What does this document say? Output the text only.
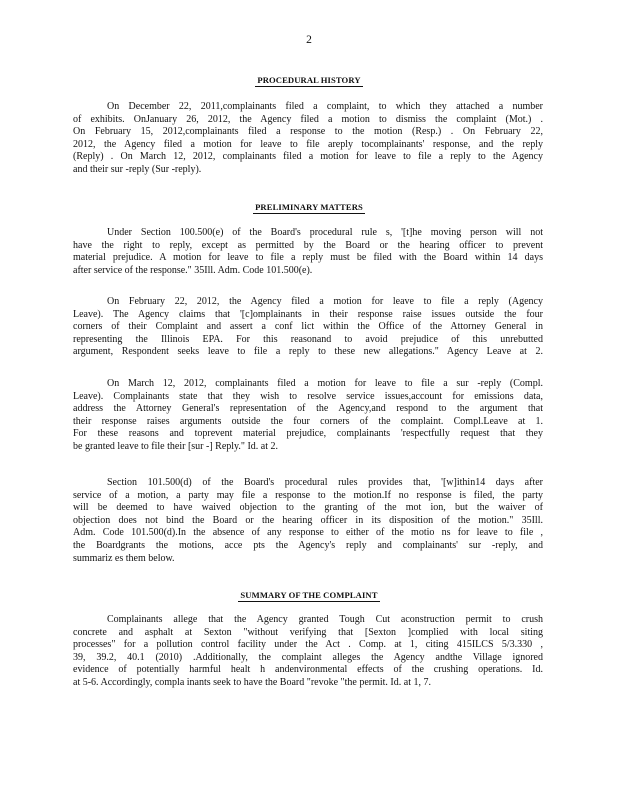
2
PROCEDURAL HISTORY
On December 22, 2011,complainants filed a complaint, to which they attached a number
of exhibits. OnJanuary 26, 2012, the Agency filed a motion to dismiss the complaint (Mot.) .
On February 15, 2012,complainants filed a response to the motion (Resp.) . On February 22,
2012, the Agency filed a motion for leave to file areply tocomplainants' response, and the reply
(Reply) . On March 12, 2012, complainants filed a motion for leave to file a reply to the Agency
and their sur -reply (Sur -reply).
PRELIMINARY MATTERS
Under Section 100.500(e) of the Board's procedural rule s, '[t]he moving person will not
have the right to reply, except as permitted by the Board or the hearing officer to prevent
material prejudice. A motion for leave to file a reply must be filed with the Board within 14 days
after service of the response." 35Ill. Adm. Code 101.500(e).
On February 22, 2012, the Agency filed a motion for leave to file a reply (Agency
Leave). The Agency claims that '[c]omplainants in their response raise issues outside the four
corners of their Complaint and assert a conf lict within the Office of the Attorney General in
representing the Illinois EPA. For this reasonand to avoid prejudice of this unrebutted
argument, Respondent seeks leave to file a reply to these new allegations." Agency Leave at 2.
On March 12, 2012, complainants filed a motion for leave to file a sur -reply (Compl.
Leave). Complainants state that they wish to resolve service issues,account for emissions data,
address the Attorney General's representation of the Agency,and respond to the argument that
their response raises arguments outside the four corners of the complaint. Compl.Leave at 1.
For these reasons and toprevent material prejudice, complainants 'respectfully request that they
be granted leave to file their [sur -] Reply." Id. at 2.
Section 101.500(d) of the Board's procedural rules provides that, '[w]ithin14 days after
service of a motion, a party may file a response to the motion.If no response is filed, the party
will be deemed to have waived objection to the granting of the mot ion, but the waiver of
objection does not bind the Board or the hearing officer in its disposition of the motion." 35Ill.
Adm. Code 101.500(d).In the absence of any response to either of the motio ns for leave to file ,
the Boardgrants the motions, acce pts the Agency's reply and complainants' sur -reply, and
summariz es them below.
SUMMARY OF THE COMPLAINT
Complainants allege that the Agency granted Tough Cut aconstruction permit to crush
concrete and asphalt at Sexton "without verifying that [Sexton ]complied with local siting
processes" for a pollution control facility under the Act . Comp. at 1, citing 415ILCS 5/3.330 ,
39, 39.2, 40.1 (2010) .Additionally, the complaint alleges the Agency andthe Village ignored
evidence of potentially harmful healt h andenvironmental effects of the crushing operations. Id.
at 5-6. Accordingly, compla inants seek to have the Board "revoke "the permit. Id. at 1, 7.
